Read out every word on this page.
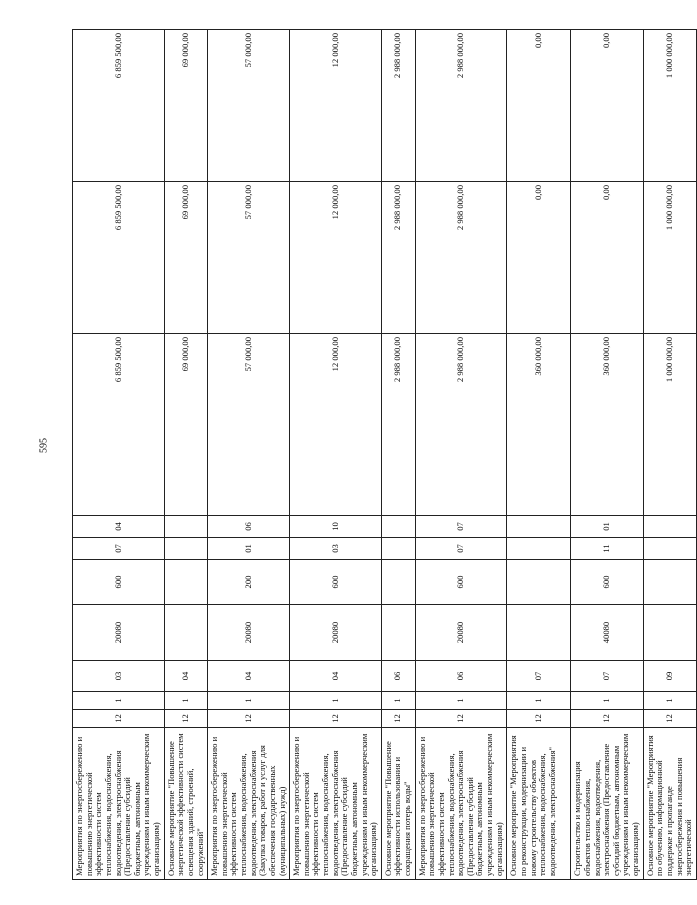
595
Мероприятия по энергосбережению и повышению энергетической эффективности систем теплоснабжения, водоснабжения, водоотведения, электроснабжения (Предоставление субсидий бюджетным, автономным учреждениям и иным некоммерческим организациям)	12	1	03	20080	600	07	04	6 859 500,00	6 859 500,00	6 859 500,00
Основное мероприятие "Повышение энергетической эффективности систем освещения зданий, строений, сооружений"	12	1	04					69 000,00	69 000,00	69 000,00
Мероприятия по энергосбережению и повышению энергетической эффективности систем теплоснабжения, водоснабжения, водоотведения, электроснабжения (Закупка товаров, работ и услуг для обеспечения государственных (муниципальных) нужд)	12	1	04	20080	200	01	06	57 000,00	57 000,00	57 000,00
Мероприятия по энергосбережению и повышению энергетической эффективности систем теплоснабжения, водоснабжения, водоотведения, электроснабжения (Предоставление субсидий бюджетным, автономным учреждениям и иным некоммерческим организациям)	12	1	04	20080	600	03	10	12 000,00	12 000,00	12 000,00
Основное мероприятие "Повышение эффективности использования и сокращения потерь воды"	12	1	06					2 988 000,00	2 988 000,00	2 988 000,00
Мероприятия по энергосбережению и повышению энергетической эффективности систем теплоснабжения, водоснабжения, водоотведения, электроснабжения (Предоставление субсидий бюджетным, автономным учреждениям и иным некоммерческим организациям)	12	1	06	20080	600	07	07	2 988 000,00	2 988 000,00	2 988 000,00
Основное мероприятие "Мероприятия по реконструкции, модернизации и новому строительству объектов теплоснабжения, водоснабжения, водоотведения, электроснабжения"	12	1	07					360 000,00	0,00	0,00
Строительство и модернизация объектов теплоснабжения, водоснабжения, водоотведения, электроснабжения (Предоставление субсидий бюджетным, автономным учреждениям и иным некоммерческим организациям)	12	1	07	40080	600	11	01	360 000,00	0,00	0,00
Основное мероприятие "Мероприятия по обучению, информационной поддержке и пропаганде энергосбережения и повышения энергетической	12	1	09					1 000 000,00	1 000 000,00	1 000 000,00
